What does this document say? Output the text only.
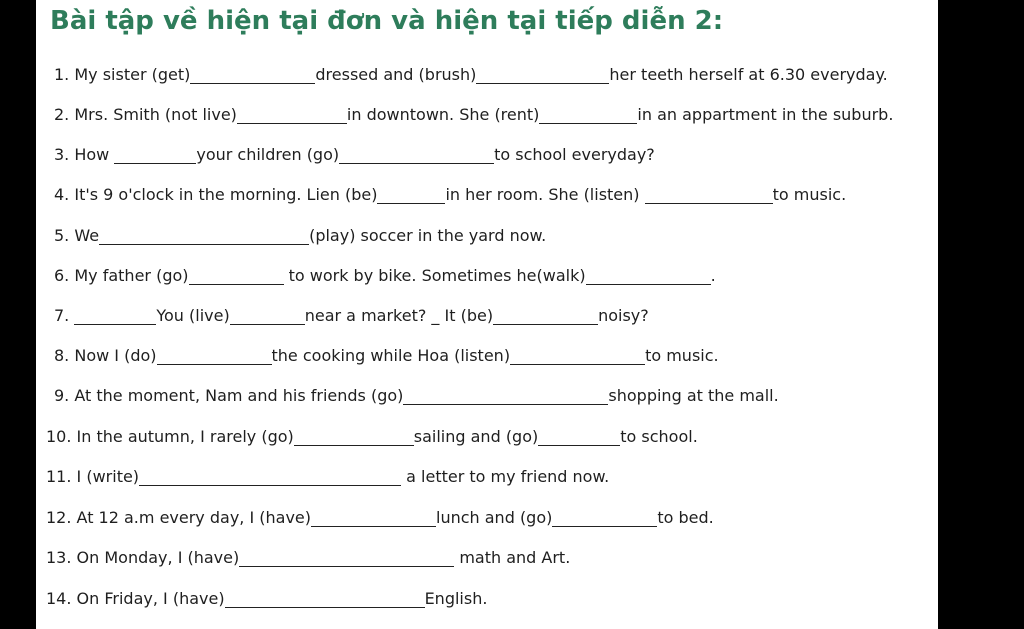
Bài tập về hiện tại đơn và hiện tại tiếp diễn 2:
1. My sister (get)	dressed and (brush)	her teeth herself at 6.30 everyday.
2. Mrs. Smith (not live)	in downtown. She (rent)	in an appartment in the suburb.
3. How	your children (go)	to school everyday?
4. It's 9 o'clock in the morning. Lien (be)	in her room. She (listen)	to music.
5. We	(play) soccer in the yard now.
6. My father (go)	to work by bike. Sometimes he(walk)	.
7.	You (live)	near a market? _ It (be)	noisy?
8. Now I (do)	the cooking while Hoa (listen)	to music.
9. At the moment, Nam and his friends (go)	shopping at the mall.
10. In the autumn, I rarely (go)	sailing and (go)	to school.
11. I (write)	a letter to my friend now.
12. At 12 a.m every day, I (have)	lunch and (go)	to bed.
13. On Monday, I (have)	math and Art.
14. On Friday, I (have)	English.
